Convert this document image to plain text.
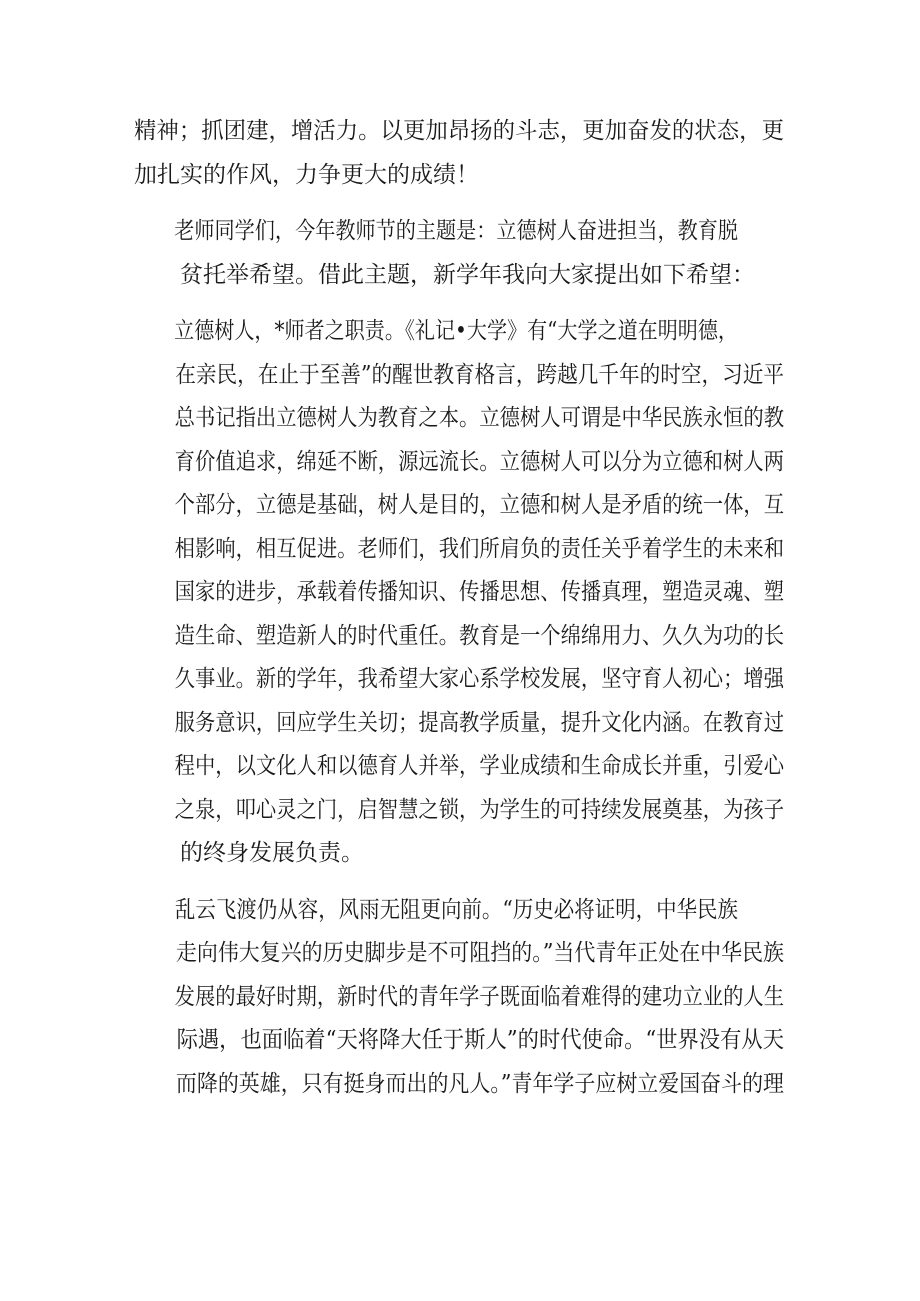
精神；抓团建，增活力。以更加昂扬的斗志，更加奋发的状态，更
加扎实的作风，力争更大的成绩！

老师同学们，今年教师节的主题是：立德树人奋进担当，教育脱
贫托举希望。借此主题，新学年我向大家提出如下希望：

立德树人，*师者之职责。《礼记•大学》有“大学之道在明明德，
在亲民，在止于至善”的醒世教育格言，跨越几千年的时空，习近平
总书记指出立德树人为教育之本。立德树人可谓是中华民族永恒的教
育价值追求，绵延不断，源远流长。立德树人可以分为立德和树人两
个部分，立德是基础，树人是目的，立德和树人是矛盾的统一体，互
相影响，相互促进。老师们，我们所肩负的责任关乎着学生的未来和
国家的进步，承载着传播知识、传播思想、传播真理，塑造灵魂、塑
造生命、塑造新人的时代重任。教育是一个绵绵用力、久久为功的长
久事业。新的学年，我希望大家心系学校发展，坚守育人初心；增强
服务意识，回应学生关切；提高教学质量，提升文化内涵。在教育过
程中，以文化人和以德育人并举，学业成绩和生命成长并重，引爱心
之泉，叩心灵之门，启智慧之锁，为学生的可持续发展奠基，为孩子
的终身发展负责。

乱云飞渡仍从容，风雨无阻更向前。“历史必将证明，中华民族
走向伟大复兴的历史脚步是不可阻挡的。”当代青年正处在中华民族
发展的最好时期，新时代的青年学子既面临着难得的建功立业的人生
际遇，也面临着“天将降大任于斯人”的时代使命。“世界没有从天
而降的英雄，只有挺身而出的凡人。”青年学子应树立爱国奋斗的理
